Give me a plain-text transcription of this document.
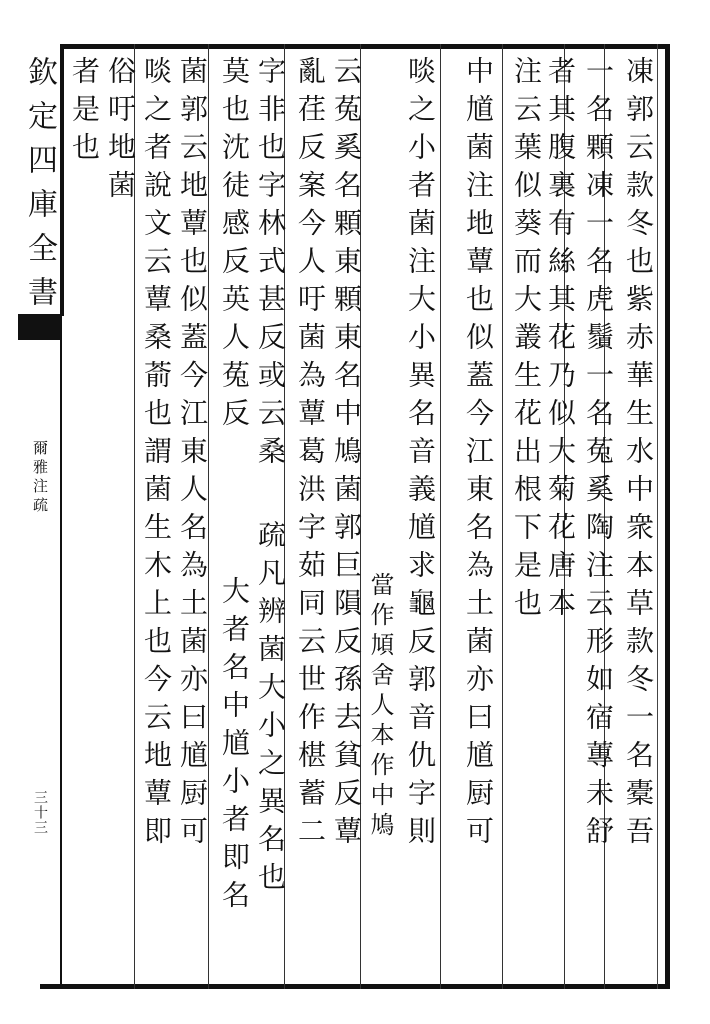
欽定四庫全書
爾雅注疏
三十三	凍郭云款冬也紫赤華生水中衆本草款冬一名橐吾
一名顆凍一名虎鬚一名菟奚陶注云形如宿蓴未舒
者其腹裏有絲其花乃似大菊花唐本
注云葉似葵而大叢生花出根下是也
中馗菌注地蕈也似蓋今江東名為土菌亦曰馗厨可
啖之小者菌注大小異名音義馗求龜反郭音仇字則
當作頄舍人本作中鳩
云菟奚名顆東顆東名中鳩菌郭巨隕反孫去貧反蕈
亂荏反案今人吁菌為蕈葛洪字茹同云世作椹蓄二
字非也字林式甚反或云桑
莫也沈徒感反英人菟反
疏凡辨菌大小之異名也
大者名中馗小者即名
菌郭云地蕈也似蓋今江東人名為土菌亦曰馗厨可
啖之者說文云蕈桑萮也謂菌生木上也今云地蕈即
俗吁地菌
者是也
